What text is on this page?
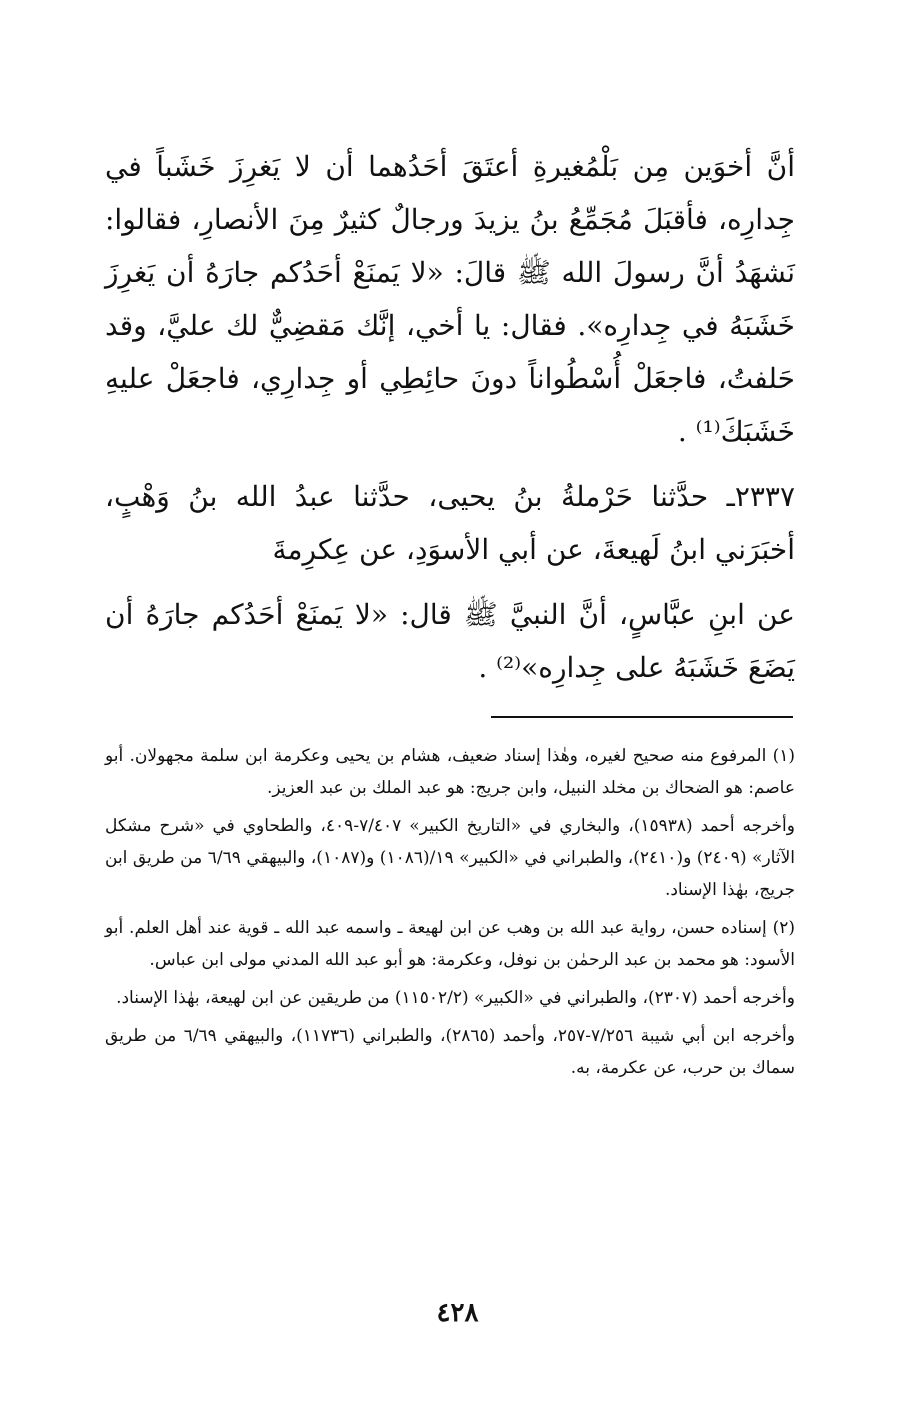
أنَّ أخوَين مِن بَلْمُغيرةِ أعتَقَ أحَدُهما أن لا يَغرِزَ خَشَباً في جِدارِه، فأقبَلَ مُجَمِّعُ بنُ يزيدَ ورجالٌ كثيرٌ مِنَ الأنصارِ، فقالوا: نَشهَدُ أنَّ رسولَ الله ﷺ قالَ: «لا يَمنَعْ أحَدُكم جارَهُ أن يَغرِزَ خَشَبَهُ في جِدارِه». فقال: يا أخي، إنَّك مَقضِيٌّ لك عليَّ، وقد حَلفتُ، فاجعَلْ أُسْطُواناً دونَ حائِطِي أو جِدارِي، فاجعَلْ عليهِ خَشَبَكَ⁽¹⁾ .

٢٣٣٧ـ حدَّثنا حَرْملةُ بنُ يحيى، حدَّثنا عبدُ الله بنُ وَهْبٍ، أخبَرَني ابنُ لَهيعةَ، عن أبي الأسوَدِ، عن عِكرِمةَ

عن ابنِ عبَّاسٍ، أنَّ النبيَّ ﷺ قال: «لا يَمنَعْ أحَدُكم جارَهُ أن يَضَعَ خَشَبَهُ على جِدارِه»⁽²⁾ .

(١) المرفوع منه صحيح لغيره، وهٰذا إسناد ضعيف، هشام بن يحيى وعكرمة ابن سلمة مجهولان. أبو عاصم: هو الضحاك بن مخلد النبيل، وابن جريج: هو عبد الملك بن عبد العزيز.

وأخرجه أحمد (١٥٩٣٨)، والبخاري في «التاريخ الكبير» ٧/٤٠٧-٤٠٩، والطحاوي في «شرح مشكل الآثار» (٢٤٠٩) و(٢٤١٠)، والطبراني في «الكبير» ١٩/(١٠٨٦) و(١٠٨٧)، والبيهقي ٦/٦٩ من طريق ابن جريج، بهٰذا الإسناد.

(٢) إسناده حسن، رواية عبد الله بن وهب عن ابن لهيعة ـ واسمه عبد الله ـ قوية عند أهل العلم. أبو الأسود: هو محمد بن عبد الرحمٰن بن نوفل، وعكرمة: هو أبو عبد الله المدني مولى ابن عباس.

وأخرجه أحمد (٢٣٠٧)، والطبراني في «الكبير» (١١٥٠٢/٢) من طريقين عن ابن لهيعة، بهٰذا الإسناد.

وأخرجه ابن أبي شيبة ٧/٢٥٦-٢٥٧، وأحمد (٢٨٦٥)، والطبراني (١١٧٣٦)، والبيهقي ٦/٦٩ من طريق سماك بن حرب، عن عكرمة، به.

٤٢٨
